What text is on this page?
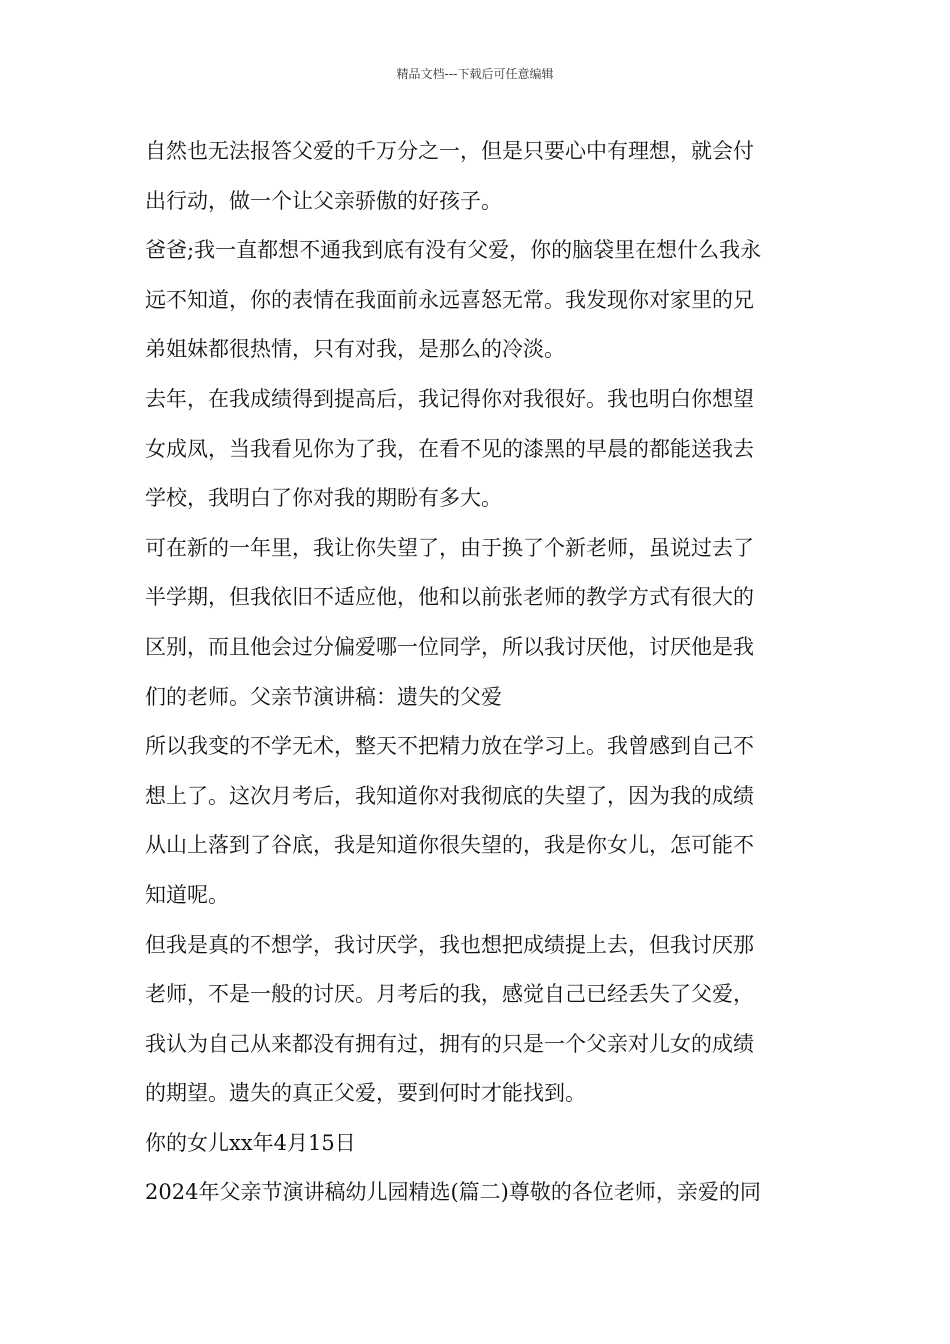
精品文档---下载后可任意编辑
自然也无法报答父爱的千万分之一，但是只要心中有理想，就会付
出行动，做一个让父亲骄傲的好孩子。
爸爸;我一直都想不通我到底有没有父爱，你的脑袋里在想什么我永
远不知道，你的表情在我面前永远喜怒无常。我发现你对家里的兄
弟姐妹都很热情，只有对我，是那么的冷淡。
去年，在我成绩得到提高后，我记得你对我很好。我也明白你想望
女成凤，当我看见你为了我，在看不见的漆黑的早晨的都能送我去
学校，我明白了你对我的期盼有多大。
可在新的一年里，我让你失望了，由于换了个新老师，虽说过去了
半学期，但我依旧不适应他，他和以前张老师的教学方式有很大的
区别，而且他会过分偏爱哪一位同学，所以我讨厌他，讨厌他是我
们的老师。父亲节演讲稿：遗失的父爱
所以我变的不学无术，整天不把精力放在学习上。我曾感到自己不
想上了。这次月考后，我知道你对我彻底的失望了，因为我的成绩
从山上落到了谷底，我是知道你很失望的，我是你女儿，怎可能不
知道呢。
但我是真的不想学，我讨厌学，我也想把成绩提上去，但我讨厌那
老师，不是一般的讨厌。月考后的我，感觉自己已经丢失了父爱，
我认为自己从来都没有拥有过，拥有的只是一个父亲对儿女的成绩
的期望。遗失的真正父爱，要到何时才能找到。
你的女儿xx年4月15日
2024年父亲节演讲稿幼儿园精选(篇二)尊敬的各位老师，亲爱的同
